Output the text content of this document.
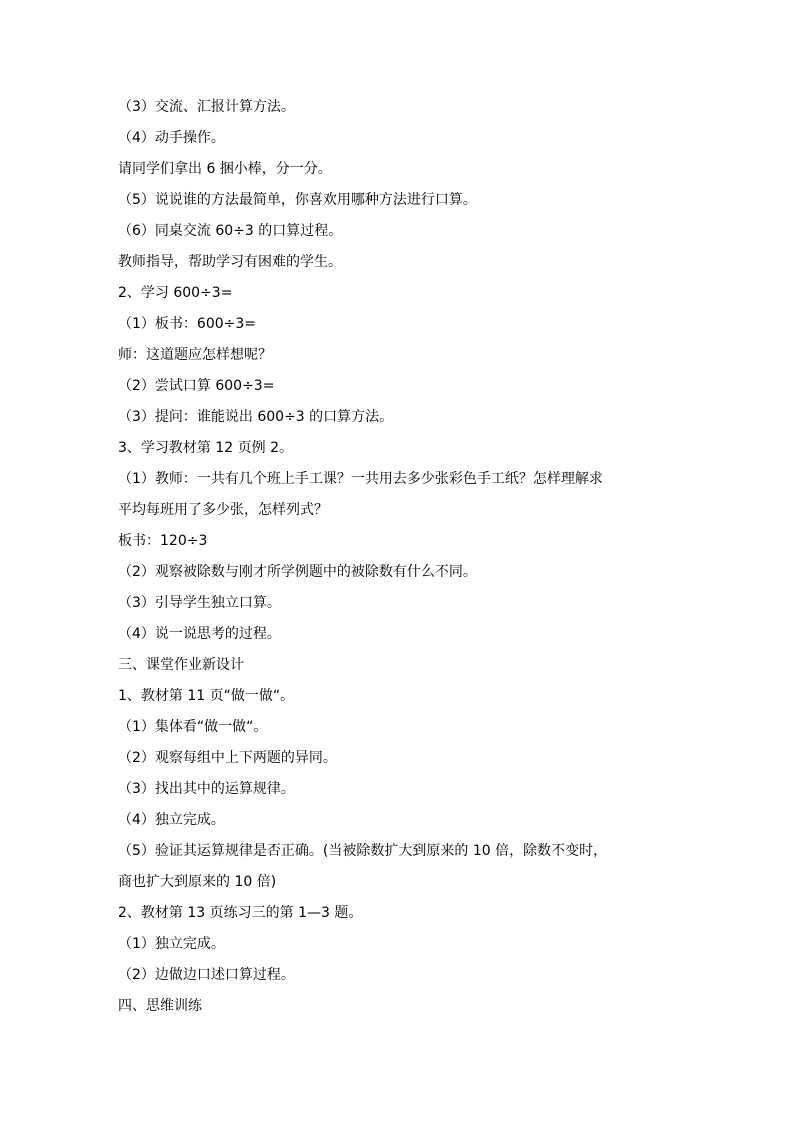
（3）交流、汇报计算方法。

（4）动手操作。

请同学们拿出 6 捆小棒，分一分。

（5）说说谁的方法最简单，你喜欢用哪种方法进行口算。

（6）同桌交流 60÷3 的口算过程。

教师指导，帮助学习有困难的学生。

2、学习 600÷3=

（1）板书：600÷3=

师：这道题应怎样想呢？

（2）尝试口算 600÷3=

（3）提问：谁能说出 600÷3 的口算方法。

3、学习教材第 12 页例 2。

（1）教师：一共有几个班上手工课？一共用去多少张彩色手工纸？怎样理解求

平均每班用了多少张，怎样列式？

板书：120÷3

（2）观察被除数与刚才所学例题中的被除数有什么不同。

（3）引导学生独立口算。

（4）说一说思考的过程。

三、课堂作业新设计

1、教材第 11 页“做一做“。

（1）集体看“做一做“。

（2）观察每组中上下两题的异同。

（3）找出其中的运算规律。

（4）独立完成。

（5）验证其运算规律是否正确。(当被除数扩大到原来的 10 倍，除数不变时，

商也扩大到原来的 10 倍)

2、教材第 13 页练习三的第 1—3 题。

（1）独立完成。

（2）边做边口述口算过程。

四、思维训练
